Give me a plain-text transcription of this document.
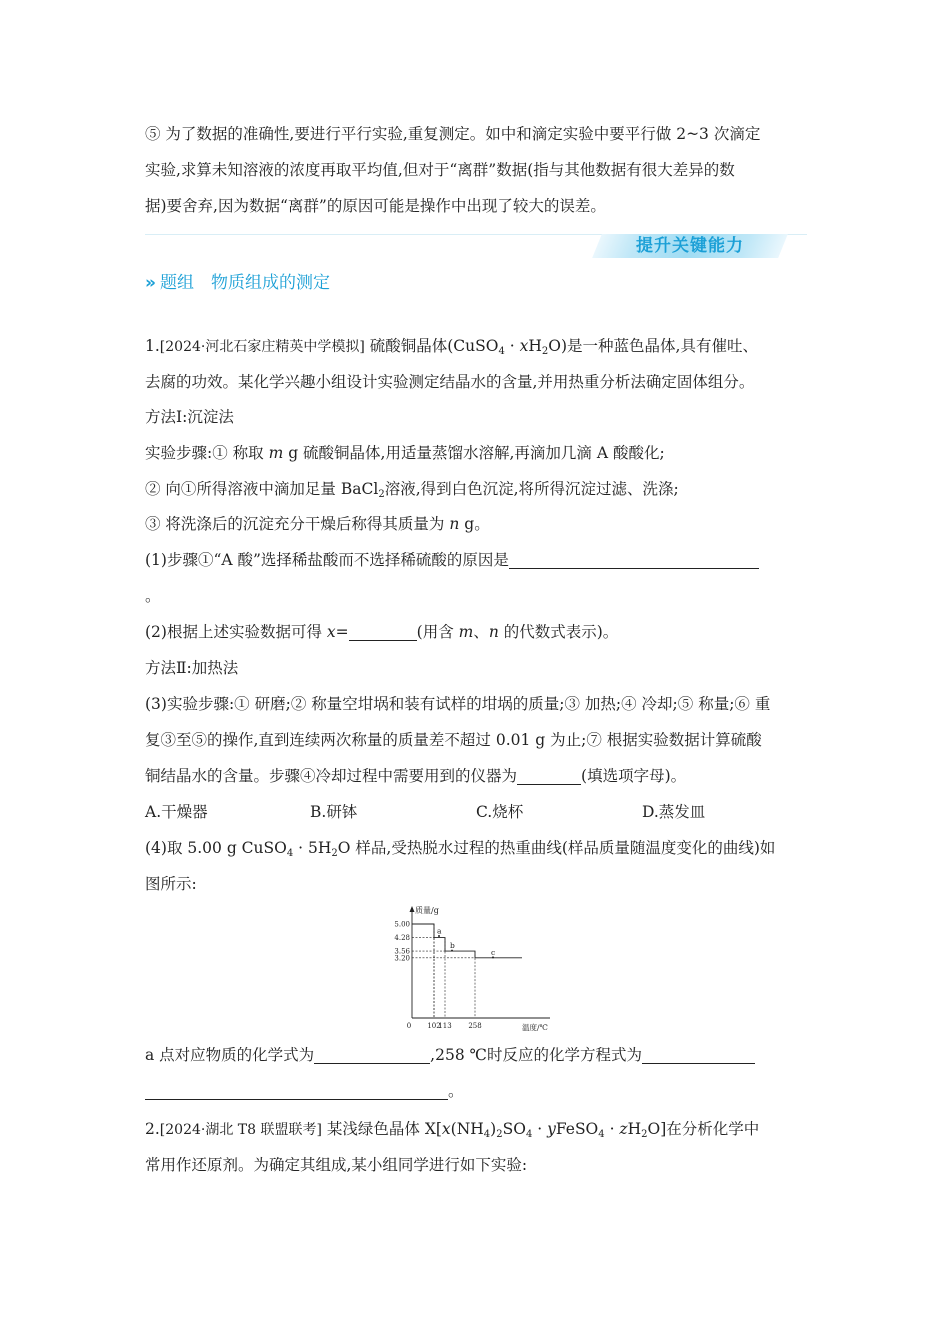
⑤ 为了数据的准确性,要进行平行实验,重复测定。如中和滴定实验中要平行做 2~3 次滴定

实验,求算未知溶液的浓度再取平均值,但对于“离群”数据(指与其他数据有很大差异的数

据)要舍弃,因为数据“离群”的原因可能是操作中出现了较大的误差。

提升关键能力
» 题组　物质组成的测定

1.[2024·河北石家庄精英中学模拟] 硫酸铜晶体(CuSO$_4$ · $xH_2O$)是一种蓝色晶体,具有催吐、

去腐的功效。某化学兴趣小组设计实验测定结晶水的含量,并用热重分析法确定固体组分。

方法Ⅰ:沉淀法

实验步骤:① 称取 m g 硫酸铜晶体,用适量蒸馏水溶解,再滴加几滴 A 酸酸化;

② 向①所得溶液中滴加足量 BaCl$_2$溶液,得到白色沉淀,将所得沉淀过滤、洗涤;

③ 将洗涤后的沉淀充分干燥后称得其质量为 n g。

(1)步骤①“A 酸”选择稀盐酸而不选择稀硫酸的原因是

。

(2)根据上述实验数据可得 x=	(用含 m、n 的代数式表示)。

方法Ⅱ:加热法

(3)实验步骤:① 研磨;② 称量空坩埚和装有试样的坩埚的质量;③ 加热;④ 冷却;⑤ 称量;⑥ 重

复③至⑤的操作,直到连续两次称量的质量差不超过 0.01 g 为止;⑦ 根据实验数据计算硫酸

铜结晶水的含量。步骤④冷却过程中需要用到的仪器为	(填选项字母)。

A.干燥器	B.研钵	C.烧杯	D.蒸发皿

(4)取 5.00 g CuSO$_4$ · $5H_2O$ 样品,受热脱水过程的热重曲线(样品质量随温度变化的曲线)如

图所示:

质量/g
温度/℃
5.00
4.28
3.56
3.20
0 102
113 258
a
b
c

a 点对应物质的化学式为	,258 ℃时反应的化学方程式为

。

2.[2024·湖北 T8 联盟联考] 某浅绿色晶体 $X[x(NH_4)_2SO_4$ · yFeSO$_4$ · $zH_2O$]在分析化学中

常用作还原剂。为确定其组成,某小组同学进行如下实验:
